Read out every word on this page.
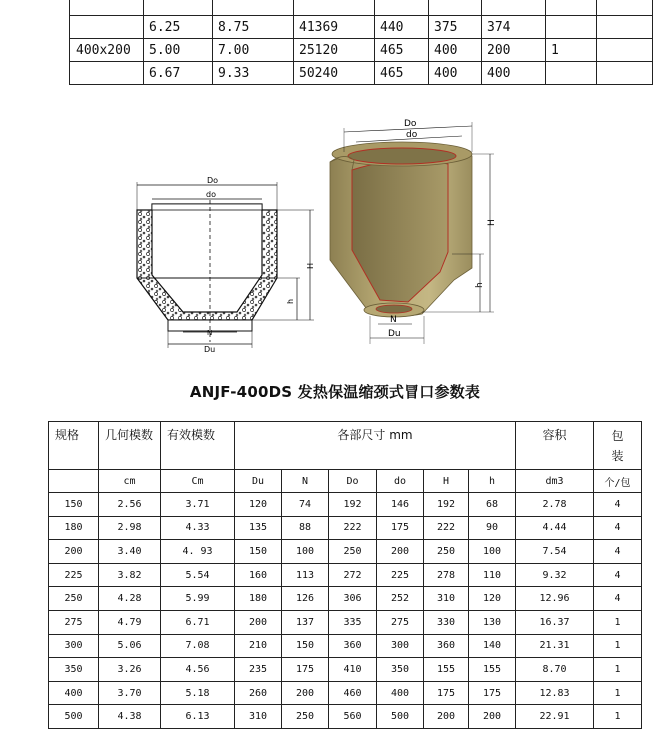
	6.25	8.75	41369	440	375	374		
400x200	5.00	7.00	25120	465	400	200	1	
	6.67	9.33	50240	465	400	400		
Do
do
H
h
N
Du
Do
do
H
h
N
Du
ANJF-400DS 发热保温缩颈式冒口参数表
规格	几何模数	有效模数	各部尺寸 mm						容积	包装
	cm	Cm	Du	N	Do	do	H	h	dm3	个/包
150	2.56	3.71	120	74	192	146	192	68	2.78	4
180	2.98	4.33	135	88	222	175	222	90	4.44	4
200	3.40	4. 93	150	100	250	200	250	100	7.54	4
225	3.82	5.54	160	113	272	225	278	110	9.32	4
250	4.28	5.99	180	126	306	252	310	120	12.96	4
275	4.79	6.71	200	137	335	275	330	130	16.37	1
300	5.06	7.08	210	150	360	300	360	140	21.31	1
350	3.26	4.56	235	175	410	350	155	155	8.70	1
400	3.70	5.18	260	200	460	400	175	175	12.83	1
500	4.38	6.13	310	250	560	500	200	200	22.91	1
